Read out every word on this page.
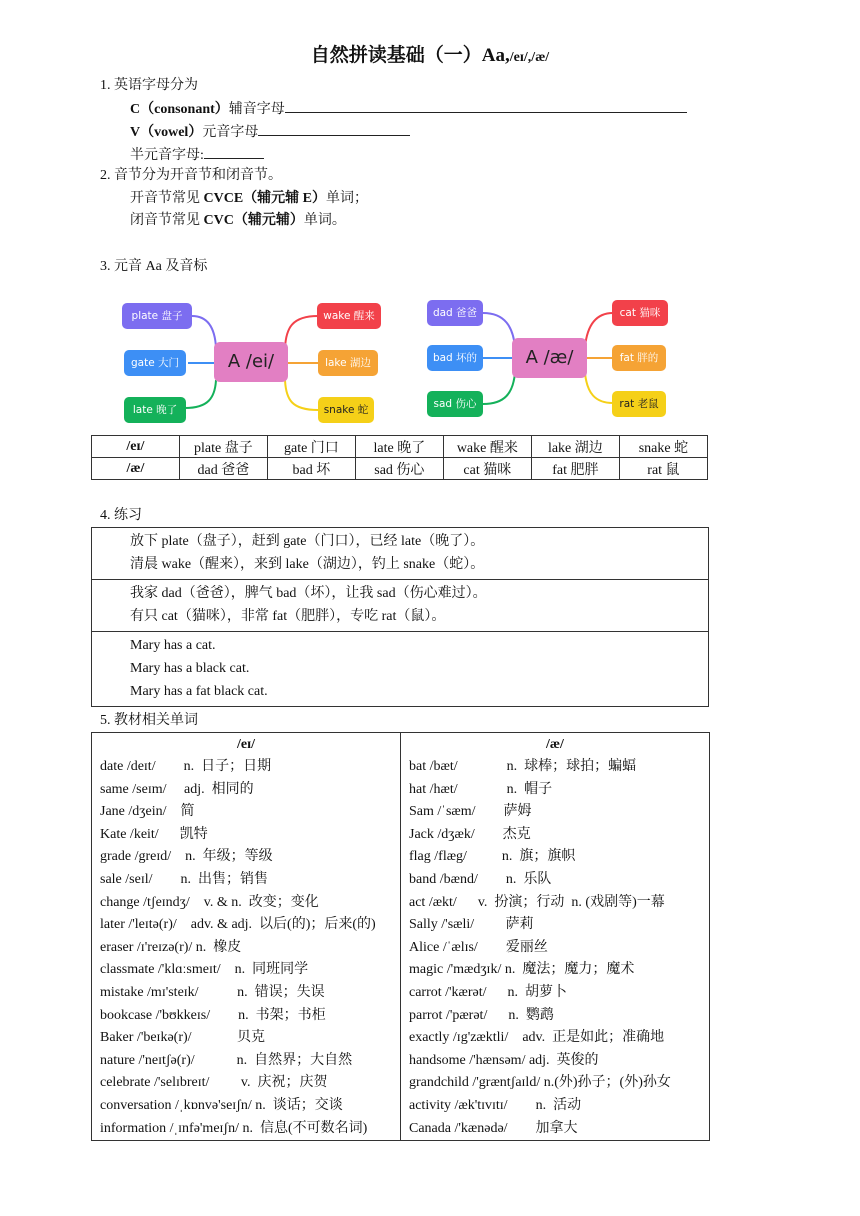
自然拼读基础（一）Aa,/eɪ/,/æ/
1. 英语字母分为
C（consonant）辅音字母
V（vowel）元音字母
半元音字母:
2. 音节分为开音节和闭音节。
开音节常见 CVCE（辅元辅 E）单词；
闭音节常见 CVC（辅元辅）单词。
3. 元音 Aa 及音标
plate 盘子
gate 大门
late 晚了
A /ei/
wake 醒来
lake 湖边
snake 蛇
dad 爸爸
bad 坏的
sad 伤心
A /æ/
cat 猫咪
fat 胖的
rat 老鼠
/eɪ/	plate 盘子	gate 门口	late 晚了	wake 醒来	lake 湖边	snake 蛇
/æ/	dad 爸爸	bad 坏	sad 伤心	cat 猫咪	fat 肥胖	rat 鼠
4. 练习
放下 plate（盘子），赶到 gate（门口），已经 late（晚了）。
清晨 wake（醒来），来到 lake（湖边），钓上 snake（蛇）。
我家 dad（爸爸），脾气 bad（坏），让我 sad（伤心难过）。
有只 cat（猫咪），非常 fat（肥胖），专吃 rat（鼠）。
Mary has a cat.
Mary has a black cat.
Mary has a fat black cat.
5. 教材相关单词
/eɪ/
date /deɪt/        n.  日子；日期
same /seɪm/     adj.  相同的
Jane /dʒein/    简
Kate /keit/      凯特
grade /greɪd/    n.  年级；等级
sale /seɪl/        n.  出售；销售
change /tʃeɪndʒ/    v. & n.  改变；变化
later /'leɪtə(r)/    adv. & adj.  以后(的)；后来(的)
eraser /ɪ'reɪzə(r)/ n.  橡皮
classmate /'klɑːsmeɪt/    n.  同班同学
mistake /mɪ'steɪk/           n.  错误；失误
bookcase /'bʊkkeɪs/        n.  书架；书柜
Baker /'beɪkə(r)/             贝克
nature /'neɪtʃə(r)/            n.  自然界；大自然
celebrate /'selɪbreɪt/         v.  庆祝；庆贺
conversation /ˌkɒnvə'seɪʃn/ n.  谈话；交谈
information /ˌɪnfə'meɪʃn/ n.  信息(不可数名词)
/æ/
bat /bæt/              n.  球棒；球拍；蝙蝠
hat /hæt/              n.  帽子
Sam /ˈsæm/        萨姆
Jack /dʒæk/        杰克
flag /flæg/          n.  旗；旗帜
band /bænd/        n.  乐队
act /ækt/      v.  扮演；行动  n. (戏剧等)一幕
Sally /'sæli/         萨莉
Alice /ˈælɪs/        爱丽丝
magic /'mædʒɪk/ n.  魔法；魔力；魔术
carrot /'kærət/      n.  胡萝卜
parrot /'pærət/      n.  鹦鹉
exactly /ɪg'zæktli/    adv.  正是如此；准确地
handsome /'hænsəm/ adj.  英俊的
grandchild /'græntʃaɪld/ n.(外)孙子；(外)孙女
activity /æk'tɪvɪtɪ/        n.  活动
Canada /'kænədə/        加拿大
